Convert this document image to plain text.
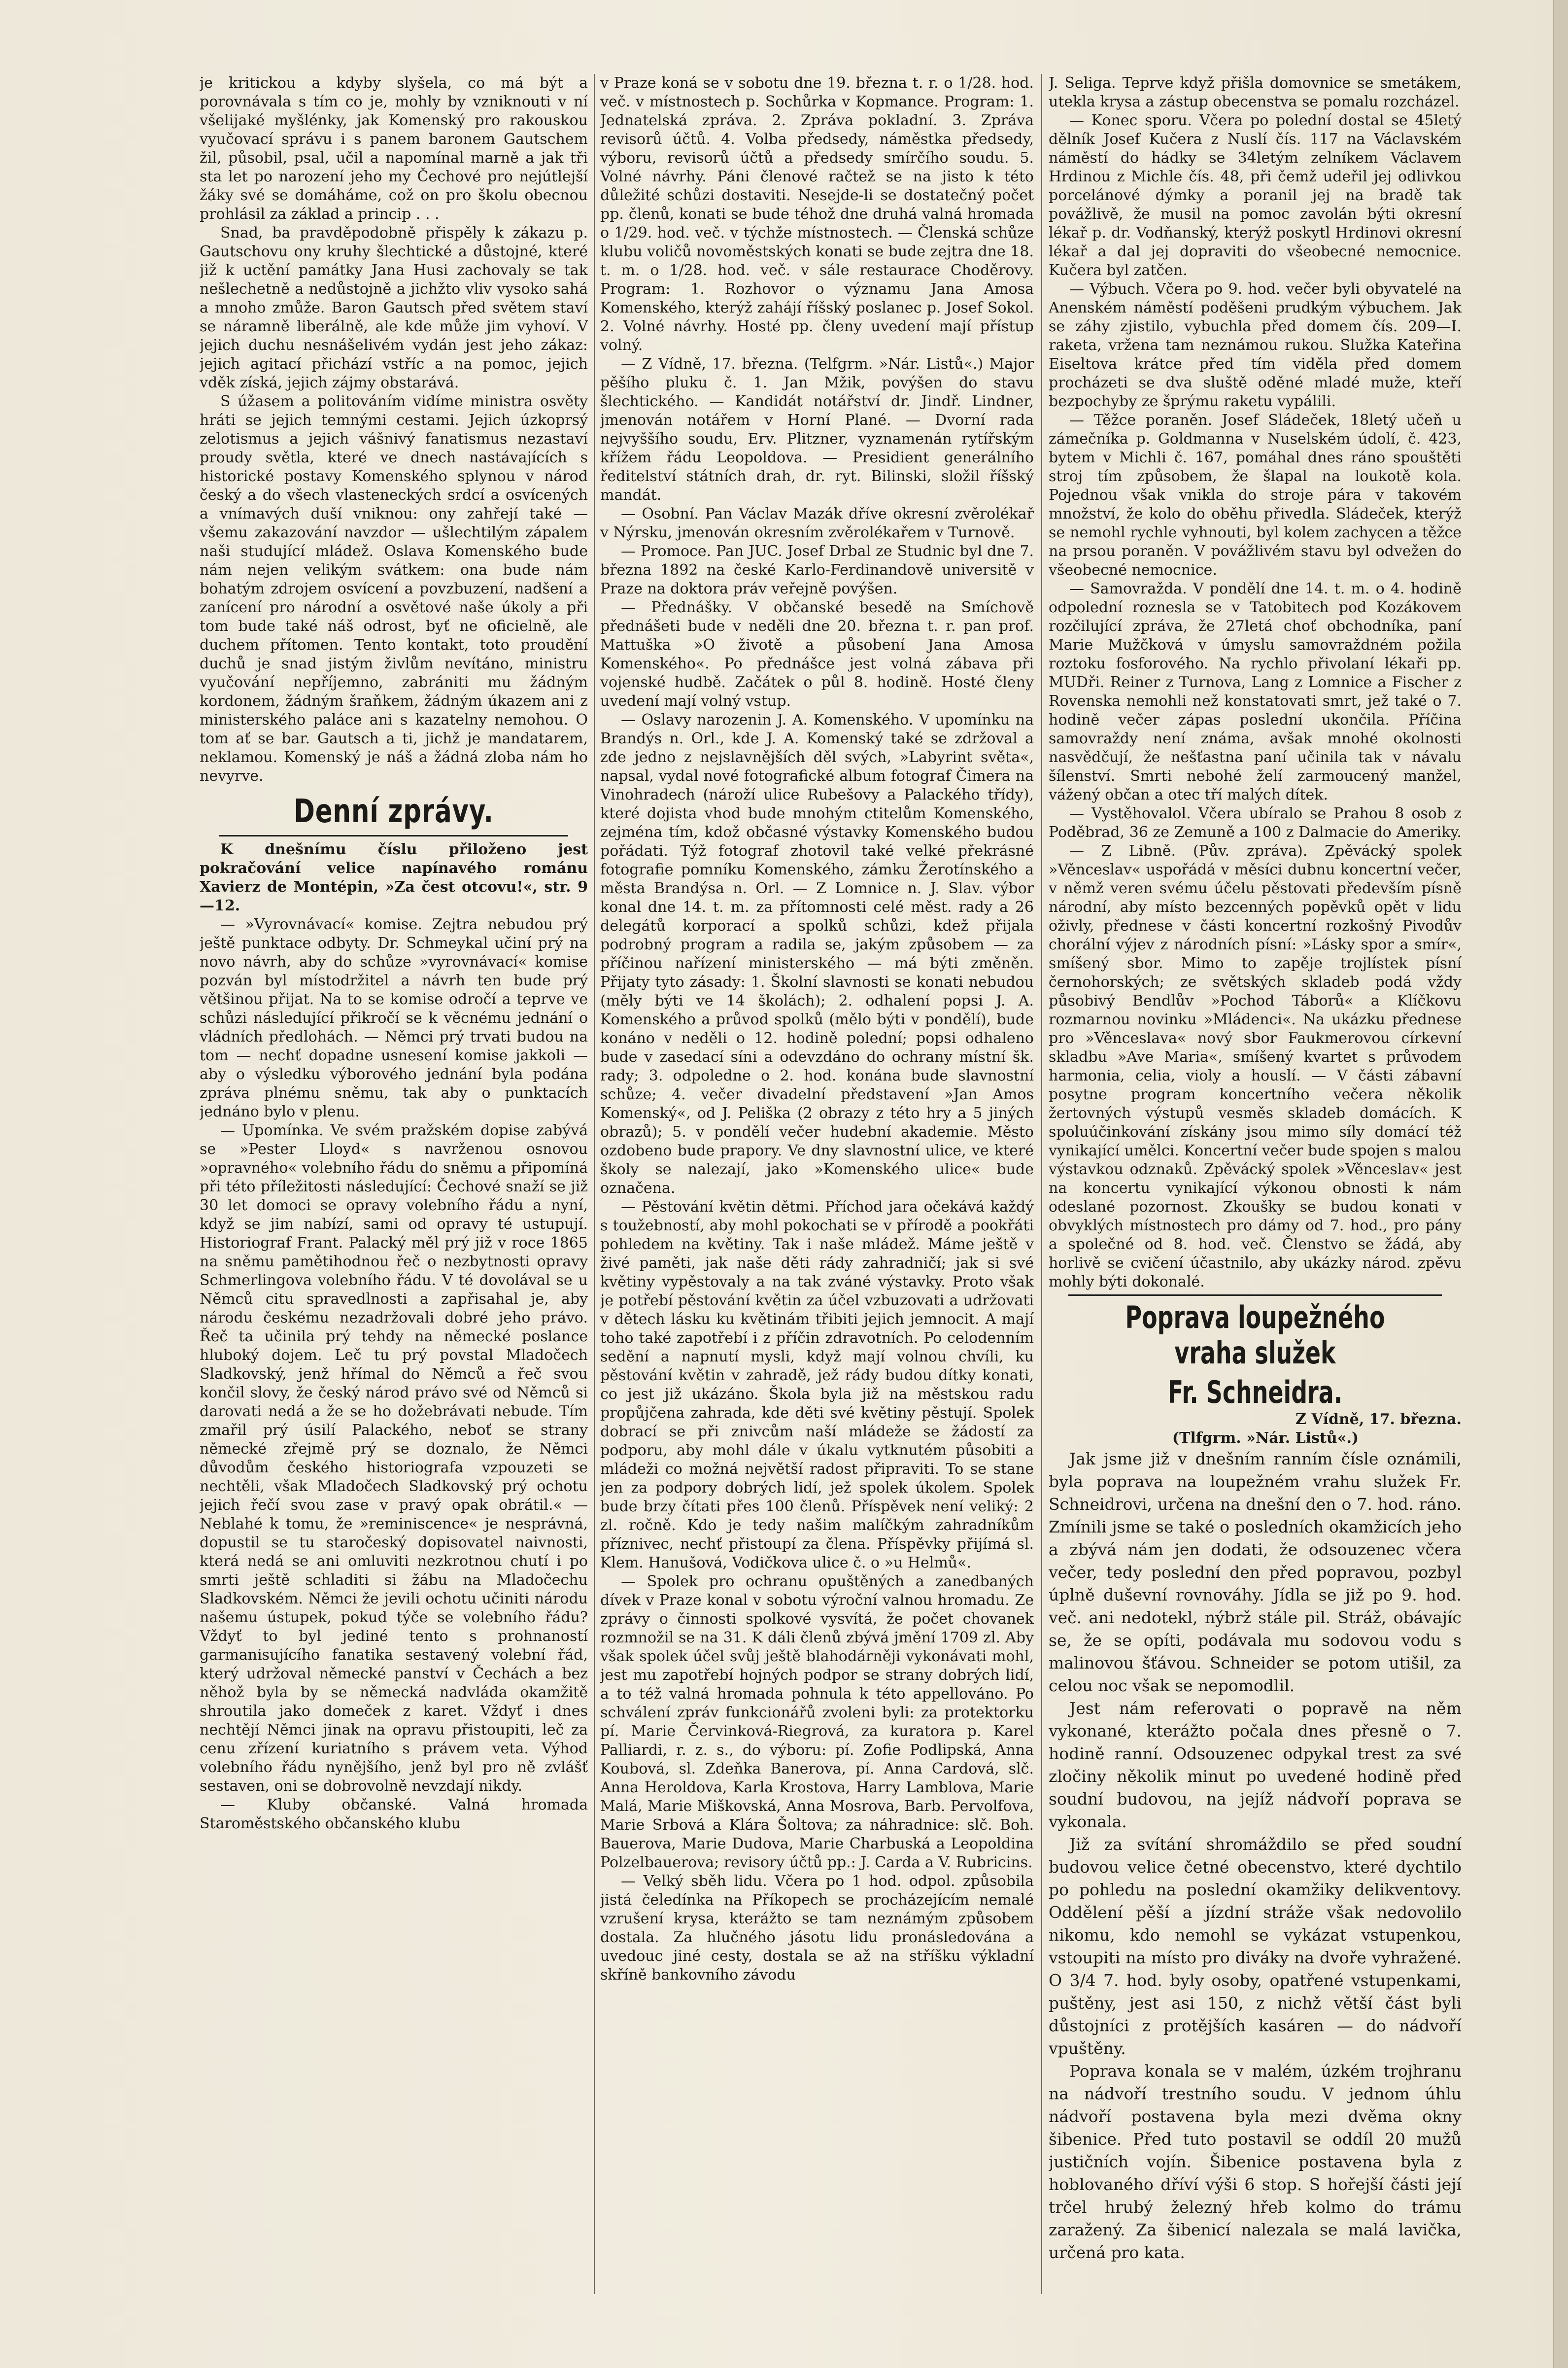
je kritickou a kdyby slyšela, co má být a porovnávala s tím co je, mohly by vzniknouti v ní všelijaké myšlénky, jak Komenský pro rakouskou vyučovací správu i s panem baronem Gautschem žil, působil, psal, učil a napomínal marně a jak tři sta let po narození jeho my Čechové pro nejútlejší žáky své se domáháme, což on pro školu obecnou prohlásil za základ a princip . . .

Snad, ba pravděpodobně přispěly k zákazu p. Gautschovu ony kruhy šlechtické a důstojné, které již k uctění památky Jana Husi zachovaly se tak nešlechetně a nedůstojně a jichžto vliv vysoko sahá a mnoho zmůže. Baron Gautsch před světem staví se náramně liberálně, ale kde může jim vyhoví. V jejich duchu nesnášelivém vydán jest jeho zákaz: jejich agitací přichází vstříc a na pomoc, jejich vděk získá, jejich zájmy obstarává.

S úžasem a politováním vidíme ministra osvěty hráti se jejich temnými cestami. Jejich úzkoprsý zelotismus a jejich vášnivý fanatismus nezastaví proudy světla, které ve dnech nastávajících s historické postavy Komenského splynou v národ český a do všech vlasteneckých srdcí a osvícených a vnímavých duší vniknou: ony zahřejí také — všemu zakazování navzdor — ušlechtilým zápalem naši studující mládež. Oslava Komenského bude nám nejen velikým svátkem: ona bude nám bohatým zdrojem osvícení a povzbuzení, nadšení a zanícení pro národní a osvětové naše úkoly a při tom bude také náš odrost, byť ne oficielně, ale duchem přítomen. Tento kontakt, toto proudění duchů je snad jistým živlům nevítáno, ministru vyučování nepříjemno, zabrániti mu žádným kordonem, žádným šraňkem, žádným úkazem ani z ministerského paláce ani s kazatelny nemohou. O tom ať se bar. Gautsch a ti, jichž je mandatarem, neklamou. Komenský je náš a žádná zloba nám ho nevyrve.

Denní zprávy.

K dnešnímu číslu přiloženo jest pokračování velice napínavého románu Xavierz de Montépin, »Za čest otcovu!«, str. 9—12.

— »Vyrovnávací« komise. Zejtra nebudou prý ještě punktace odbyty. Dr. Schmeykal učiní prý na novo návrh, aby do schůze »vyrovnávací« komise pozván byl místodržitel a návrh ten bude prý většinou přijat. Na to se komise odročí a teprve ve schůzi následující přikročí se k věcnému jednání o vládních předlohách. — Němci prý trvati budou na tom — nechť dopadne usnesení komise jakkoli — aby o výsledku výborového jednání byla podána zpráva plnému sněmu, tak aby o punktacích jednáno bylo v plenu.

— Upomínka. Ve svém pražském dopise zabývá se »Pester Lloyd« s navrženou osnovou »opravného« volebního řádu do sněmu a připomíná při této příležitosti následující: Čechové snaží se již 30 let domoci se opravy volebního řádu a nyní, když se jim nabízí, sami od opravy té ustupují. Historiograf Frant. Palacký měl prý již v roce 1865 na sněmu pamětihodnou řeč o nezbytnosti opravy Schmerlingova volebního řádu. V té dovolával se u Němců citu spravedlnosti a zapřisahal je, aby národu českému nezadržovali dobré jeho právo. Řeč ta učinila prý tehdy na německé poslance hluboký dojem. Leč tu prý povstal Mladočech Sladkovský, jenž hřímal do Němců a řeč svou končil slovy, že český národ právo své od Němců si darovati nedá a že se ho dožebrávati nebude. Tím zmařil prý úsilí Palackého, neboť se strany německé zřejmě prý se doznalo, že Němci důvodům českého historiografa vzpouzeti se nechtěli, však Mladočech Sladkovský prý ochotu jejich řečí svou zase v pravý opak obrátil.« — Neblahé k tomu, že »reminiscence« je nesprávná, dopustil se tu staročeský dopisovatel naivnosti, která nedá se ani omluviti nezkrotnou chutí i po smrti ještě schladiti si žábu na Mladočechu Sladkovském. Němci že jevili ochotu učiniti národu našemu ústupek, pokud týče se volebního řádu? Vždyť to byl jediné tento s prohnaností garmanisujícího fanatika sestavený volební řád, který udržoval německé panství v Čechách a bez něhož byla by se německá nadvláda okamžitě shroutila jako domeček z karet. Vždyť i dnes nechtějí Němci jinak na opravu přistoupiti, leč za cenu zřízení kuriatního s právem veta. Výhod volebního řádu nynějšího, jenž byl pro ně zvlášť sestaven, oni se dobrovolně nevzdají nikdy.

— Kluby občanské. Valná hromada Staroměstského občanského klubu

v Praze koná se v sobotu dne 19. března t. r. o 1/28. hod. več. v místnostech p. Sochůrka v Kopmance. Program: 1. Jednatelská zpráva. 2. Zpráva pokladní. 3. Zpráva revisorů účtů. 4. Volba předsedy, náměstka předsedy, výboru, revisorů účtů a předsedy smírčího soudu. 5. Volné návrhy. Páni členové račtež se na jisto k této důležité schůzi dostaviti. Nesejde-li se dostatečný počet pp. členů, konati se bude téhož dne druhá valná hromada o 1/29. hod. več. v týchže místnostech. — Členská schůze klubu voličů novoměstských konati se bude zejtra dne 18. t. m. o 1/28. hod. več. v sále restaurace Choděrovy. Program: 1. Rozhovor o významu Jana Amosa Komenského, kterýž zahájí říšský poslanec p. Josef Sokol. 2. Volné návrhy. Hosté pp. členy uvedení mají přístup volný.

— Z Vídně, 17. března. (Telfgrm. »Nár. Listů«.) Major pěšího pluku č. 1. Jan Mžik, povýšen do stavu šlechtického. — Kandidát notářství dr. Jindř. Lindner, jmenován notářem v Horní Plané. — Dvorní rada nejvyššího soudu, Erv. Plitzner, vyznamenán rytířským křížem řádu Leopoldova. — Presidient generálního ředitelství státních drah, dr. ryt. Bilinski, složil říšský mandát.

— Osobní. Pan Václav Mazák dříve okresní zvěrolékař v Nýrsku, jmenován okresním zvěrolékařem v Turnově.

— Promoce. Pan JUC. Josef Drbal ze Studnic byl dne 7. března 1892 na české Karlo-Ferdinandově universitě v Praze na doktora práv veřejně povýšen.

— Přednášky. V občanské besedě na Smíchově přednášeti bude v neděli dne 20. března t. r. pan prof. Mattuška »O životě a působení Jana Amosa Komenského«. Po přednášce jest volná zábava při vojenské hudbě. Začátek o půl 8. hodině. Hosté členy uvedení mají volný vstup.

— Oslavy narozenin J. A. Komenského. V upomínku na Brandýs n. Orl., kde J. A. Komenský také se zdržoval a zde jedno z nejslavnějších děl svých, »Labyrint světa«, napsal, vydal nové fotografické album fotograf Čimera na Vinohradech (nároží ulice Rubešovy a Palackého třídy), které dojista vhod bude mnohým ctitelům Komenského, zejména tím, kdož občasné výstavky Komenského budou pořádati. Týž fotograf zhotovil také velké překrásné fotografie pomníku Komenského, zámku Žerotínského a města Brandýsa n. Orl. — Z Lomnice n. J. Slav. výbor konal dne 14. t. m. za přítomnosti celé měst. rady a 26 delegátů korporací a spolků schůzi, kdež přijala podrobný program a radila se, jakým způsobem — za příčinou nařízení ministerského — má býti změněn. Přijaty tyto zásady: 1. Školní slavnosti se konati nebudou (měly býti ve 14 školách); 2. odhalení popsi J. A. Komenského a průvod spolků (mělo býti v pondělí), bude konáno v neděli o 12. hodině polední; popsi odhaleno bude v zasedací síni a odevzdáno do ochrany místní šk. rady; 3. odpoledne o 2. hod. konána bude slavnostní schůze; 4. večer divadelní představení »Jan Amos Komenský«, od J. Peliška (2 obrazy z této hry a 5 jiných obrazů); 5. v pondělí večer hudební akademie. Město ozdobeno bude prapory. Ve dny slavnostní ulice, ve které školy se nalezají, jako »Komenského ulice« bude označena.

— Pěstování květin dětmi. Příchod jara očekává každý s toužebností, aby mohl pokochati se v přírodě a pookřáti pohledem na květiny. Tak i naše mládež. Máme ještě v živé paměti, jak naše děti rády zahradničí; jak si své květiny vypěstovaly a na tak zváné výstavky. Proto však je potřebí pěstování květin za účel vzbuzovati a udržovati v dětech lásku ku květinám třibiti jejich jemnocit. A mají toho také zapotřebí i z příčin zdravotních. Po celodenním sedění a napnutí mysli, když mají volnou chvíli, ku pěstování květin v zahradě, jež rády budou dítky konati, co jest již ukázáno. Škola byla již na městskou radu propůjčena zahrada, kde děti své květiny pěstují. Spolek dobrací se při znivcům naší mládeže se žádostí za podporu, aby mohl dále v úkalu vytknutém působiti a mládeži co možná největší radost připraviti. To se stane jen za podpory dobrých lidí, jež spolek úkolem. Spolek bude brzy čítati přes 100 členů. Příspěvek není veliký: 2 zl. ročně. Kdo je tedy našim malíčkým zahradníkům příznivec, nechť přistoupí za člena. Příspěvky přijímá sl. Klem. Hanušová, Vodičkova ulice č. o »u Helmů«.

— Spolek pro ochranu opuštěných a zanedbaných dívek v Praze konal v sobotu výroční valnou hromadu. Ze zprávy o činnosti spolkové vysvítá, že počet chovanek rozmnožil se na 31. K dáli členů zbývá jmění 1709 zl. Aby však spolek účel svůj ještě blahodárněji vykonávati mohl, jest mu zapotřebí hojných podpor se strany dobrých lidí, a to též valná hromada pohnula k této appellováno. Po schválení zpráv funkcionářů zvoleni byli: za protektorku pí. Marie Červinková-Riegrová, za kuratora p. Karel Palliardi, r. z. s., do výboru: pí. Zofie Podlipská, Anna Koubová, sl. Zdeňka Banerova, pí. Anna Cardová, slč. Anna Heroldova, Karla Krostova, Harry Lamblova, Marie Malá, Marie Miškovská, Anna Mosrova, Barb. Pervolfova, Marie Srbová a Klára Šoltova; za náhradnice: slč. Boh. Bauerova, Marie Dudova, Marie Charbuská a Leopoldina Polzelbauerova; revisory účtů pp.: J. Carda a V. Rubricins.

— Velký sběh lidu. Včera po 1 hod. odpol. způsobila jistá čeledínka na Příkopech se procházejícím nemalé vzrušení krysa, kterážto se tam neznámým způsobem dostala. Za hlučného jásotu lidu pronásledována a uvedouc jiné cesty, dostala se až na stříšku výkladní skříně bankovního závodu

J. Seliga. Teprve když přišla domovnice se smetákem, utekla krysa a zástup obecenstva se pomalu rozcházel.

— Konec sporu. Včera po polední dostal se 45letý dělník Josef Kučera z Nuslí čís. 117 na Václavském náměstí do hádky se 34letým zelníkem Václavem Hrdinou z Michle čís. 48, při čemž udeřil jej odlivkou porcelánové dýmky a poranil jej na bradě tak povážlivě, že musil na pomoc zavolán býti okresní lékař p. dr. Vodňanský, kterýž poskytl Hrdinovi okresní lékař a dal jej dopraviti do všeobecné nemocnice. Kučera byl zatčen.

— Výbuch. Včera po 9. hod. večer byli obyvatelé na Anenském náměstí poděšeni prudkým výbuchem. Jak se záhy zjistilo, vybuchla před domem čís. 209—I. raketa, vržena tam neznámou rukou. Služka Kateřina Eiseltova krátce před tím viděla před domem procházeti se dva sluště oděné mladé muže, kteří bezpochyby ze šprýmu raketu vypálili.

— Těžce poraněn. Josef Sládeček, 18letý učeň u zámečníka p. Goldmanna v Nuselském údolí, č. 423, bytem v Michli č. 167, pomáhal dnes ráno spouštěti stroj tím způsobem, že šlapal na loukotě kola. Pojednou však vnikla do stroje pára v takovém množství, že kolo do oběhu přivedla. Sládeček, kterýž se nemohl rychle vyhnouti, byl kolem zachycen a těžce na prsou poraněn. V povážlivém stavu byl odvežen do všeobecné nemocnice.

— Samovražda. V pondělí dne 14. t. m. o 4. hodině odpolední roznesla se v Tatobitech pod Kozákovem rozčilující zpráva, že 27letá choť obchodníka, paní Marie Mužčková v úmyslu samovraždném požila roztoku fosforového. Na rychlo přivolaní lékaři pp. MUDři. Reiner z Turnova, Lang z Lomnice a Fischer z Rovenska nemohli než konstatovati smrt, jež také o 7. hodině večer zápas poslední ukončila. Příčina samovraždy není známa, avšak mnohé okolnosti nasvědčují, že nešťastna paní učinila tak v návalu šílenství. Smrti nebohé želí zarmoucený manžel, vážený občan a otec tří malých dítek.

— Vystěhovalol. Včera ubíralo se Prahou 8 osob z Poděbrad, 36 ze Zemuně a 100 z Dalmacie do Ameriky.

— Z Libně. (Pův. zpráva). Zpěvácký spolek »Věnceslav« uspořádá v měsíci dubnu koncertní večer, v němž veren svému účelu pěstovati především písně národní, aby místo bezcenných popěvků opět v lidu oživly, přednese v části koncertní rozkošný Pivodův chorální výjev z národních písní: »Lásky spor a smír«, smíšený sbor. Mimo to zapěje trojlístek písní černohorských; ze světských skladeb podá vždy působivý Bendlův »Pochod Táborů« a Klíčkovu rozmarnou novinku »Mládenci«. Na ukázku přednese pro »Věnceslava« nový sbor Faukmerovou církevní skladbu »Ave Maria«, smíšený kvartet s průvodem harmonia, celia, violy a houslí. — V části zábavní posytne program koncertního večera několik žertovných výstupů vesměs skladeb domácích. K spoluúčinkování získány jsou mimo síly domácí též vynikající umělci. Koncertní večer bude spojen s malou výstavkou odznaků. Zpěvácký spolek »Věnceslav« jest na koncertu vynikající výkonou obnosti k nám odeslané pozornost. Zkoušky se budou konati v obvyklých místnostech pro dámy od 7. hod., pro pány a společné od 8. hod. več. Členstvo se žádá, aby horlivě se cvičení účastnilo, aby ukázky národ. zpěvu mohly býti dokonalé.

Poprava loupežného vraha služek
Fr. Schneidra.

Z Vídně, 17. března.

(Tlfgrm. »Nár. Listů«.)

Jak jsme již v dnešním ranním čísle oznámili, byla poprava na loupežném vrahu služek Fr. Schneidrovi, určena na dnešní den o 7. hod. ráno. Zmínili jsme se také o posledních okamžicích jeho a zbývá nám jen dodati, že odsouzenec včera večer, tedy poslední den před popravou, pozbyl úplně duševní rovnováhy. Jídla se již po 9. hod. več. ani nedotekl, nýbrž stále pil. Stráž, obávajíc se, že se opíti, podávala mu sodovou vodu s malinovou šťávou. Schneider se potom utišil, za celou noc však se nepomodlil.

Jest nám referovati o popravě na něm vykonané, kterážto počala dnes přesně o 7. hodině ranní. Odsouzenec odpykal trest za své zločiny několik minut po uvedené hodině před soudní budovou, na jejíž nádvoří poprava se vykonala.

Již za svítání shromáždilo se před soudní budovou velice četné obecenstvo, které dychtilo po pohledu na poslední okamžiky delikventovy. Oddělení pěší a jízdní stráže však nedovolilo nikomu, kdo nemohl se vykázat vstupenkou, vstoupiti na místo pro diváky na dvoře vyhražené. O 3/4 7. hod. byly osoby, opatřené vstupenkami, puštěny, jest asi 150, z nichž větší část byli důstojníci z protějších kasáren — do nádvoří vpuštěny.

Poprava konala se v malém, úzkém trojhranu na nádvoří trestního soudu. V jednom úhlu nádvoří postavena byla mezi dvěma okny šibenice. Před tuto postavil se oddíl 20 mužů justičních vojín. Šibenice postavena byla z hoblovaného dříví výši 6 stop. S hořejší části její trčel hrubý železný hřeb kolmo do trámu zaražený. Za šibenicí nalezala se malá lavička, určená pro kata.
